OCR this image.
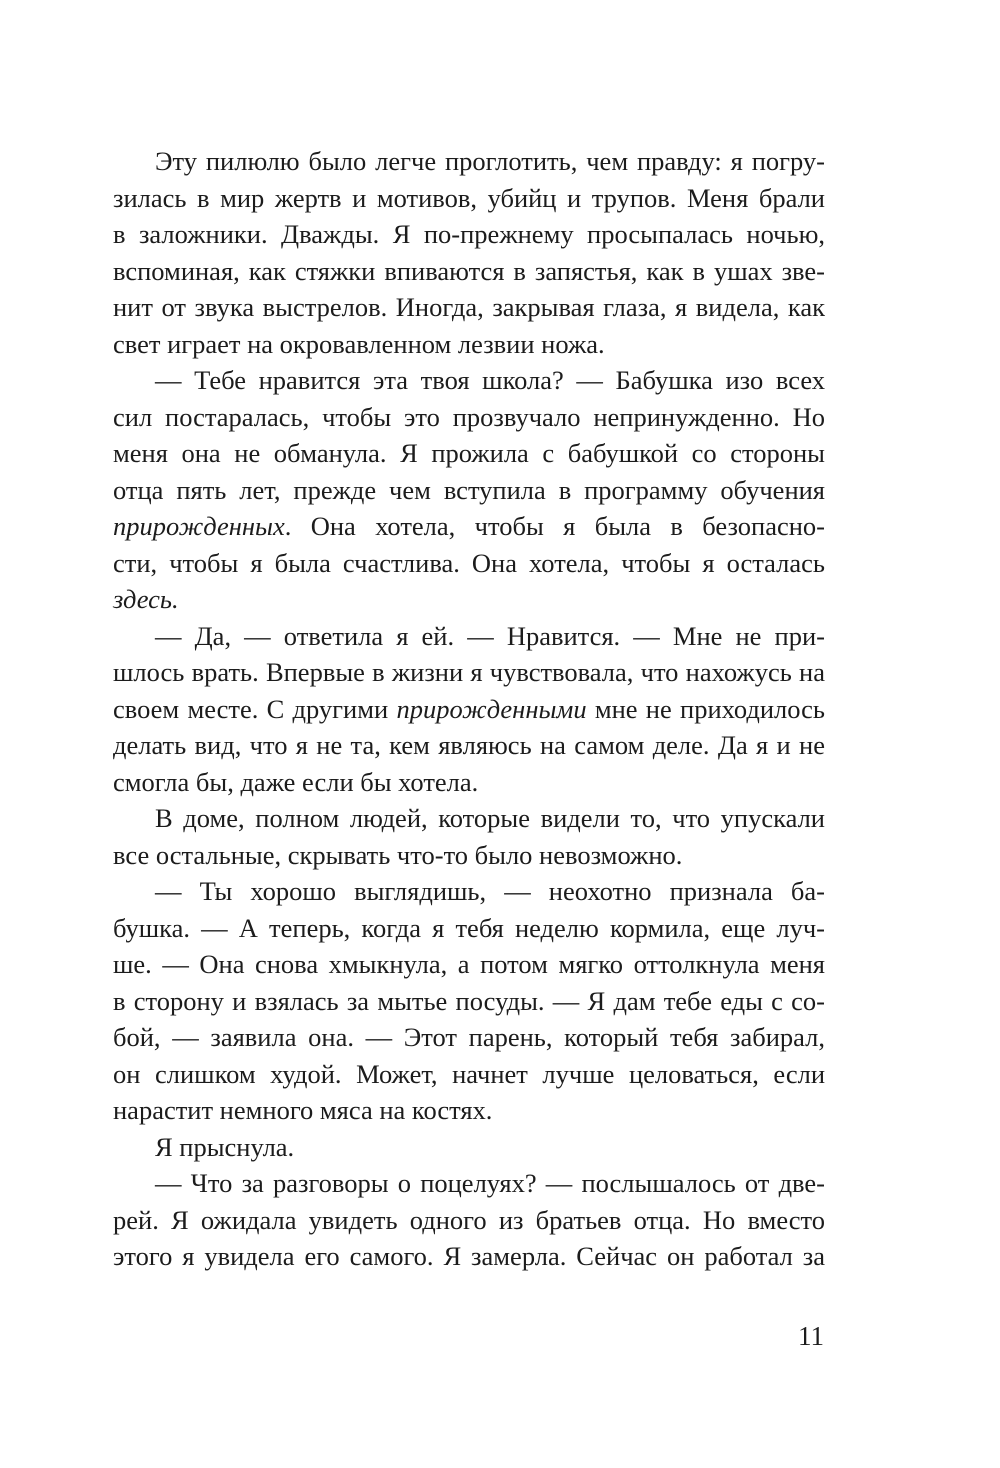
Эту пилюлю было легче проглотить, чем правду: я погру-
зилась в мир жертв и мотивов, убийц и трупов. Меня брали
в заложники. Дважды. Я по-прежнему просыпалась ночью,
вспоминая, как стяжки впиваются в запястья, как в ушах зве-
нит от звука выстрелов. Иногда, закрывая глаза, я видела, как
свет играет на окровавленном лезвии ножа.
— Тебе нравится эта твоя школа? — Бабушка изо всех
сил постаралась, чтобы это прозвучало непринужденно. Но
меня она не обманула. Я прожила с бабушкой со стороны
отца пять лет, прежде чем вступила в программу обучения
прирожденных. Она хотела, чтобы я была в безопасно-
сти, чтобы я была счастлива. Она хотела, чтобы я осталась
здесь.
— Да, — ответила я ей. — Нравится. — Мне не при-
шлось врать. Впервые в жизни я чувствовала, что нахожусь на
своем месте. С другими прирожденными мне не приходилось
делать вид, что я не та, кем являюсь на самом деле. Да я и не
смогла бы, даже если бы хотела.
В доме, полном людей, которые видели то, что упускали
все остальные, скрывать что-то было невозможно.
— Ты хорошо выглядишь, — неохотно признала ба-
бушка. — А теперь, когда я тебя неделю кормила, еще луч-
ше. — Она снова хмыкнула, а потом мягко оттолкнула меня
в сторону и взялась за мытье посуды. — Я дам тебе еды с со-
бой, — заявила она. — Этот парень, который тебя забирал,
он слишком худой. Может, начнет лучше целоваться, если
нарастит немного мяса на костях.
Я прыснула.
— Что за разговоры о поцелуях? — послышалось от две-
рей. Я ожидала увидеть одного из братьев отца. Но вместо
этого я увидела его самого. Я замерла. Сейчас он работал за
11
